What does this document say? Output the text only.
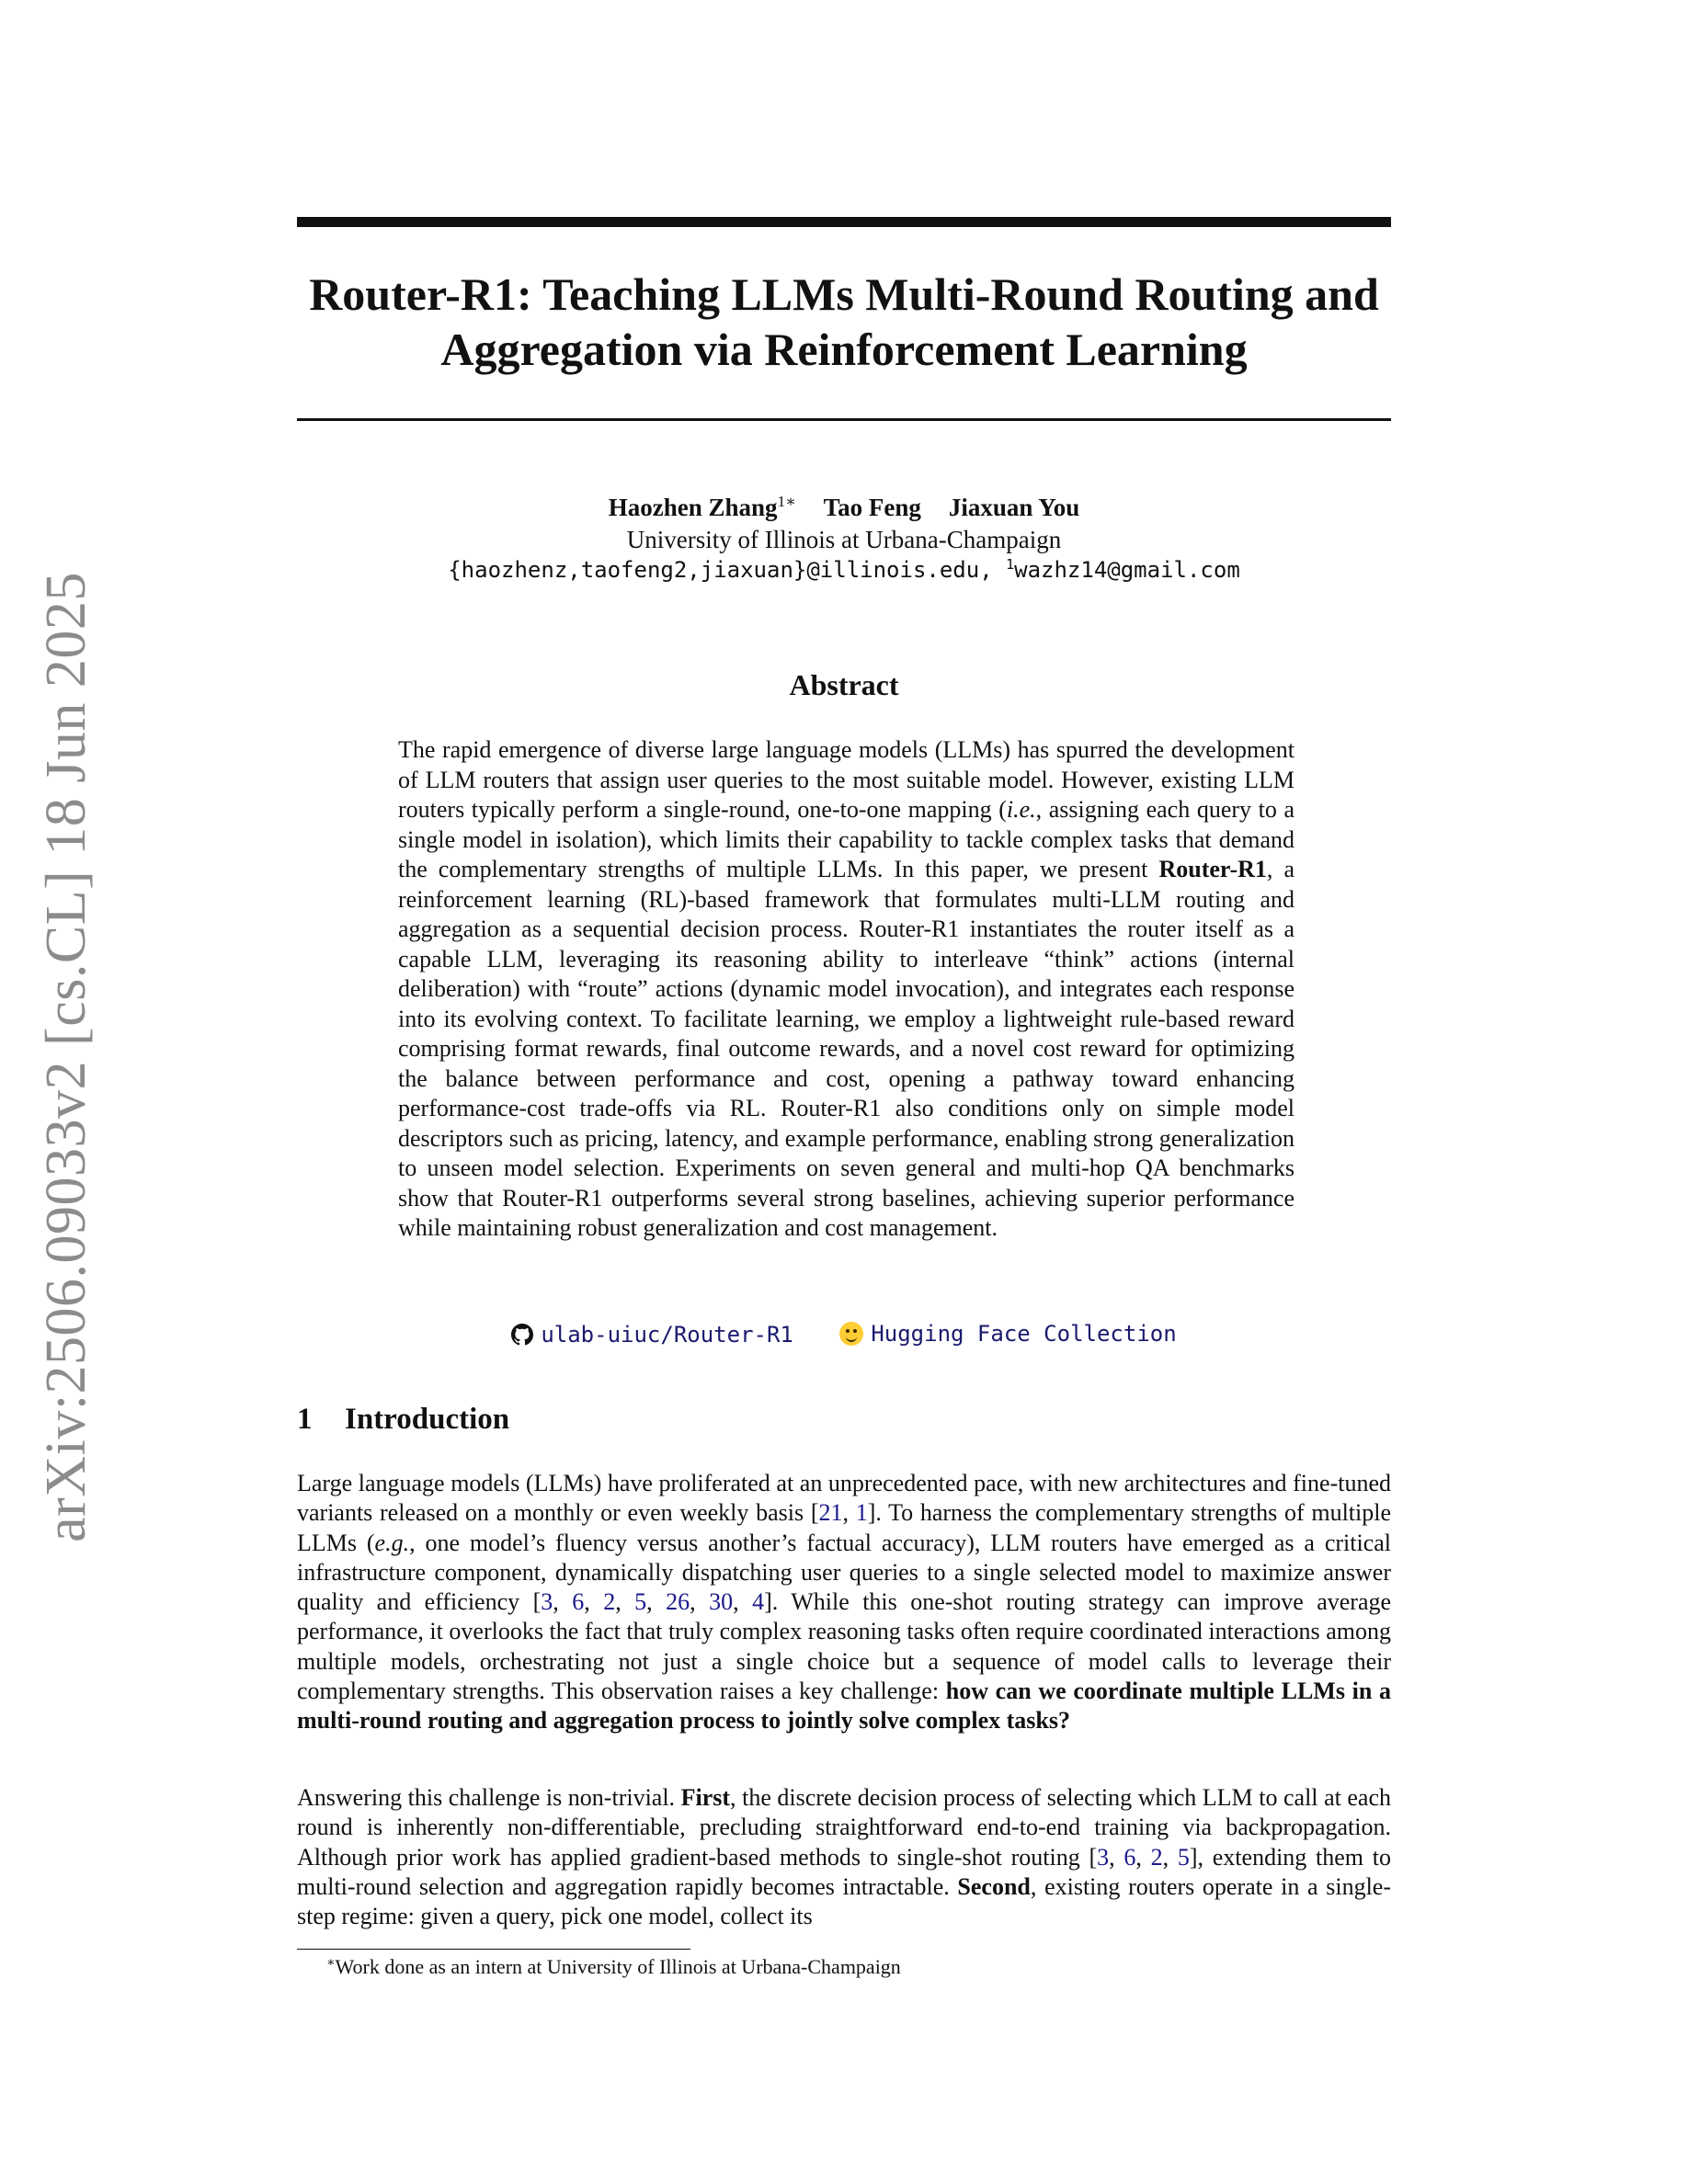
arXiv:2506.09033v2 [cs.CL] 18 Jun 2025
Router-R1: Teaching LLMs Multi-Round Routing and
Aggregation via Reinforcement Learning
Haozhen Zhang$^{1∗}$ Tao Feng Jiaxuan You
University of Illinois at Urbana-Champaign
{haozhenz,taofeng2,jiaxuan}@illinois.edu, $^1$wazhz14@gmail.com
Abstract
The rapid emergence of diverse large language models (LLMs) has spurred the development of LLM routers that assign user queries to the most suitable model. However, existing LLM routers typically perform a single-round, one-to-one mapping (i.e., assigning each query to a single model in isolation), which limits their capability to tackle complex tasks that demand the complementary strengths of multiple LLMs. In this paper, we present Router-R1, a reinforcement learning (RL)-based framework that formulates multi-LLM routing and aggregation as a sequential decision process. Router-R1 instantiates the router itself as a capable LLM, leveraging its reasoning ability to interleave “think” actions (internal deliberation) with “route” actions (dynamic model invocation), and integrates each response into its evolving context. To facilitate learning, we employ a lightweight rule-based reward comprising format rewards, final outcome rewards, and a novel cost reward for optimizing the balance between performance and cost, opening a pathway toward enhancing performance-cost trade-offs via RL. Router-R1 also conditions only on simple model descriptors such as pricing, latency, and example performance, enabling strong generalization to unseen model selection. Experiments on seven general and multi-hop QA benchmarks show that Router-R1 outperforms several strong baselines, achieving superior performance while maintaining robust generalization and cost management.
ulab-uiuc/Router-R1
	Hugging Face Collection
1 Introduction
Large language models (LLMs) have proliferated at an unprecedented pace, with new architectures and fine-tuned variants released on a monthly or even weekly basis [21, 1]. To harness the complementary strengths of multiple LLMs (e.g., one model’s fluency versus another’s factual accuracy), LLM routers have emerged as a critical infrastructure component, dynamically dispatching user queries to a single selected model to maximize answer quality and efficiency [3, 6, 2, 5, 26, 30, 4]. While this one-shot routing strategy can improve average performance, it overlooks the fact that truly complex reasoning tasks often require coordinated interactions among multiple models, orchestrating not just a single choice but a sequence of model calls to leverage their complementary strengths. This observation raises a key challenge: how can we coordinate multiple LLMs in a multi-round routing and aggregation process to jointly solve complex tasks?
Answering this challenge is non-trivial. First, the discrete decision process of selecting which LLM to call at each round is inherently non-differentiable, precluding straightforward end-to-end training via backpropagation. Although prior work has applied gradient-based methods to single-shot routing [3, 6, 2, 5], extending them to multi-round selection and aggregation rapidly becomes intractable. Second, existing routers operate in a single-step regime: given a query, pick one model, collect its
∗Work done as an intern at University of Illinois at Urbana-Champaign
